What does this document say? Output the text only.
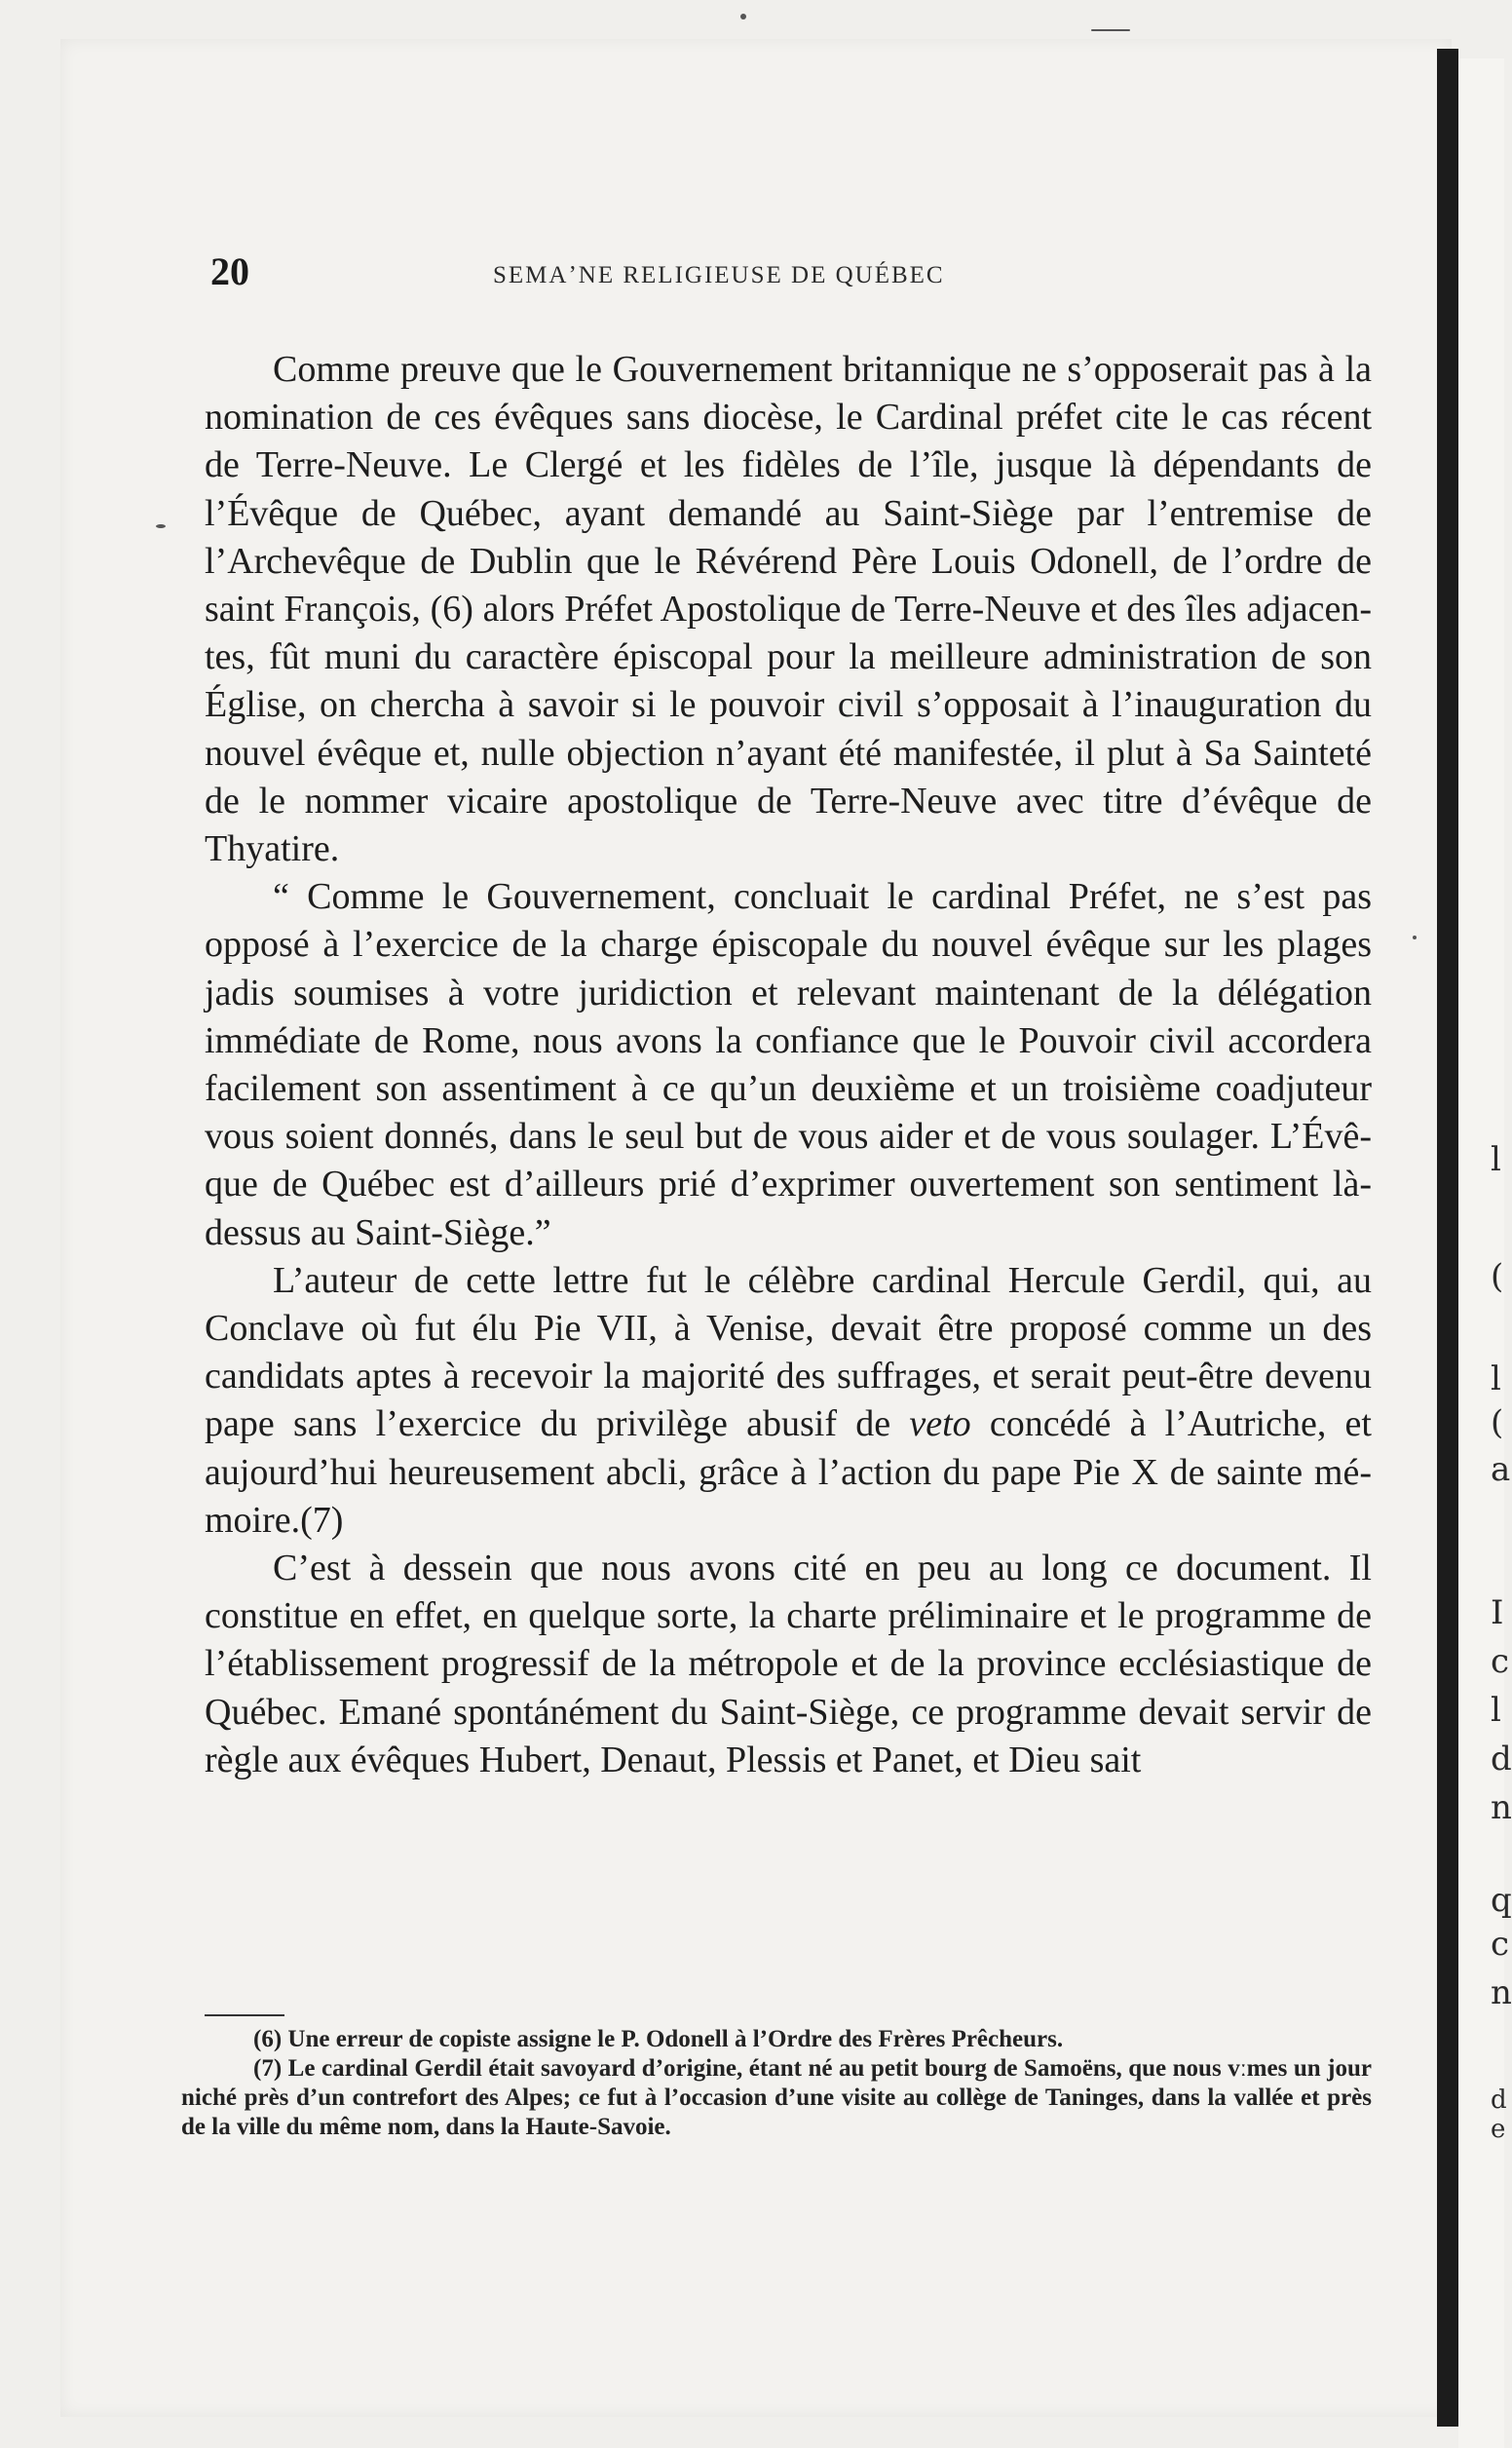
l
(
l
(
a
I
c
l
d
n
q
c
n
d
e
20	SEMAʼNE RELIGIEUSE DE QUÉBEC

Comme preuve que le Gouvernement britannique ne s’opposerait pas à la nomination de ces évêques sans diocèse, le Cardinal préfet cite le cas récent de Terre-Neuve. Le Clergé et les fidèles de l’île, jusque là dépendants de l’Évêque de Québec, ayant demandé au Saint-Siège par l’entremise de l’Archevêque de Dublin que le Révérend Père Louis Odonell, de l’ordre de saint François, (6) alors Préfet Apostolique de Terre-Neuve et des îles adjacentes, fût muni du caractère épiscopal pour la meilleure administration de son Église, on chercha à savoir si le pouvoir civil s’opposait à l’inauguration du nouvel évêque et, nulle objection n’ayant été manifestée, il plut à Sa Sainteté de le nommer vicaire apostolique de Terre-Neuve avec titre d’évêque de Thyatire.

“ Comme le Gouvernement, concluait le cardinal Préfet, ne s’est pas opposé à l’exercice de la charge épiscopale du nouvel évêque sur les plages jadis soumises à votre juridiction et relevant maintenant de la délégation immédiate de Rome, nous avons la confiance que le Pouvoir civil accordera facilement son assentiment à ce qu’un deuxième et un troisième coadjuteur vous soient donnés, dans le seul but de vous aider et de vous soulager. L’Évêque de Québec est d’ailleurs prié d’exprimer ouvertement son sentiment là-dessus au Saint-Siège.”

L’auteur de cette lettre fut le célèbre cardinal Hercule Gerdil, qui, au Conclave où fut élu Pie VII, à Venise, devait être proposé comme un des candidats aptes à recevoir la majorité des suffrages, et serait peut-être devenu pape sans l’exercice du privilège abusif de veto concédé à l’Autriche, et aujourd’hui heureusement abcli, grâce à l’action du pape Pie X de sainte mémoire.(7)

C’est à dessein que nous avons cité en peu au long ce document. Il constitue en effet, en quelque sorte, la charte préliminaire et le programme de l’établissement progressif de la métropole et de la province ecclésiastique de Québec. Emané spontánément du Saint-Siège, ce programme devait servir de règle aux évêques Hubert, Denaut, Plessis et Panet, et Dieu sait

(6) Une erreur de copiste assigne le P. Odonell à l’Ordre des Frères Prêcheurs.

(7) Le cardinal Gerdil était savoyard d’origine, étant né au petit bourg de Samoëns, que nous vːmes un jour niché près d’un contrefort des Alpes; ce fut à l’occasion d’une visite au collège de Taninges, dans la vallée et près de la ville du même nom, dans la Haute-Savoie.
